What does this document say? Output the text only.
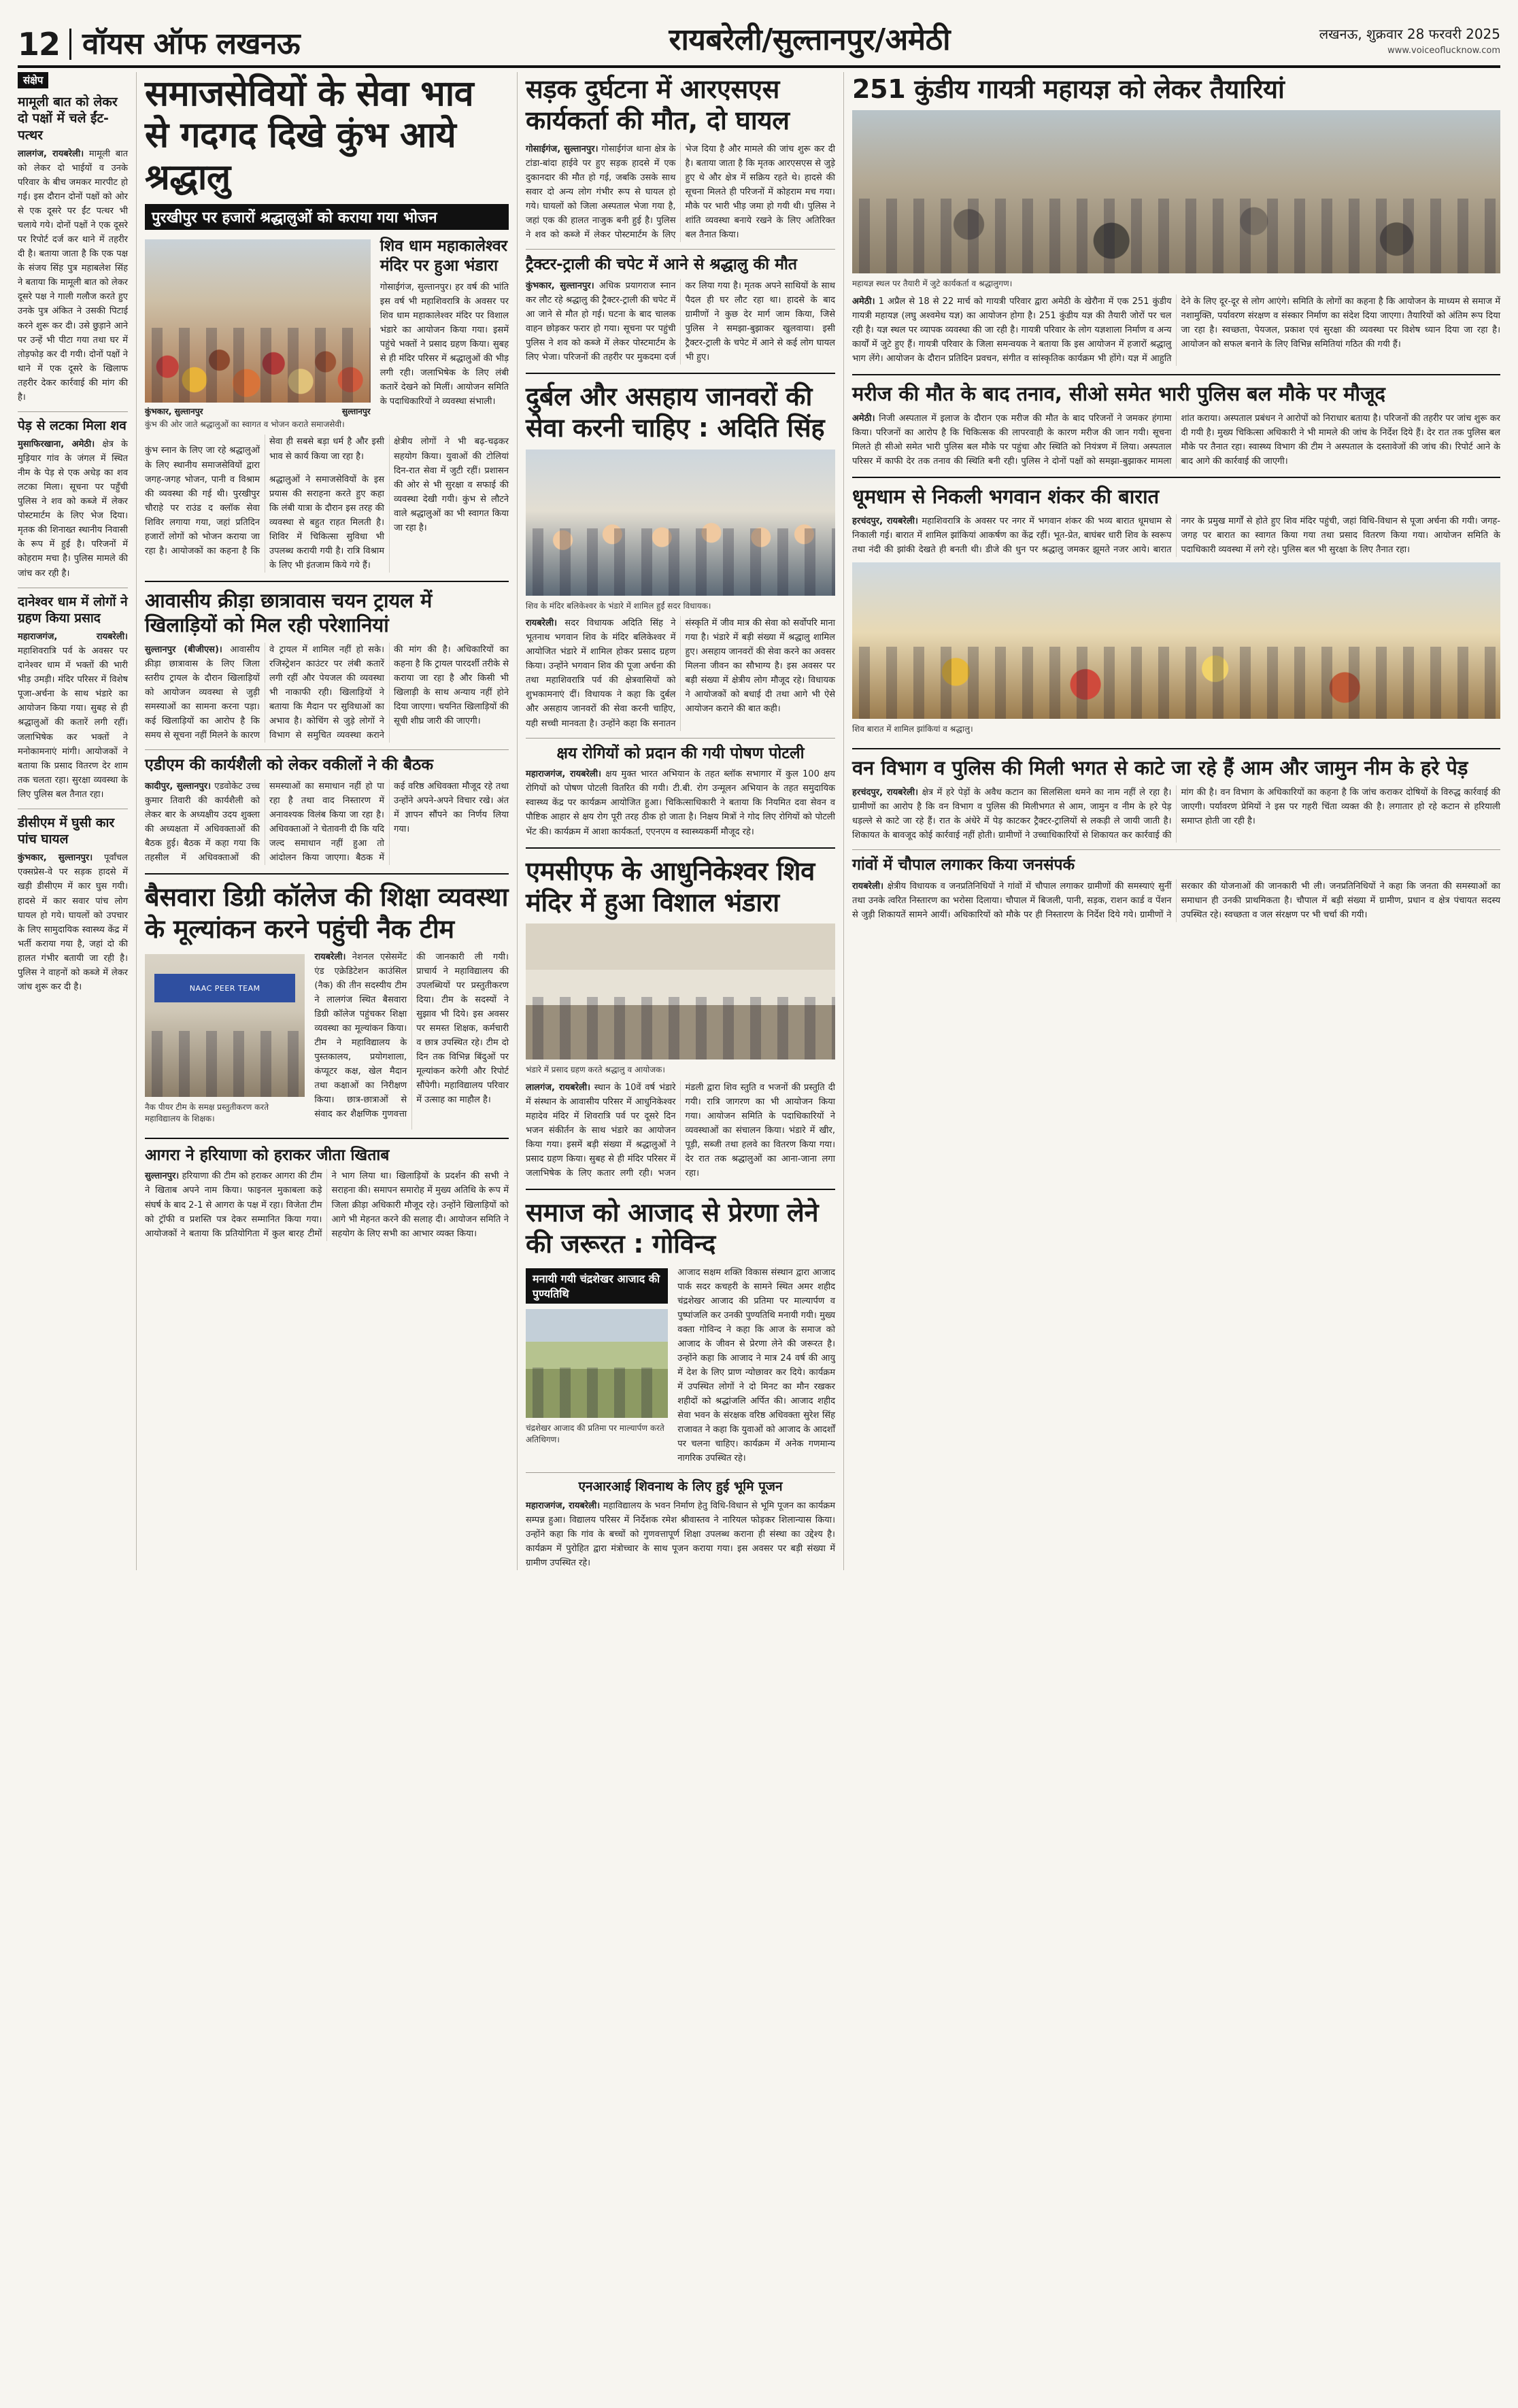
12 वॉयस ऑफ लखनऊ	रायबरेली/सुल्तानपुर/अमेठी	लखनऊ, शुक्रवार 28 फरवरी 2025
www.voiceoflucknow.com
संक्षेप
मामूली बात को लेकर दो पक्षों में चले ईंट-पत्थर
लालगंज, रायबरेली। मामूली बात को लेकर दो भाईयों व उनके परिवार के बीच जमकर मारपीट हो गई। इस दौरान दोनों पक्षों को ओर से एक दूसरे पर ईंट पत्थर भी चलाये गये। दोनों पक्षों ने एक दूसरे पर रिपोर्ट दर्ज कर थाने में तहरीर दी है। बताया जाता है कि एक पक्ष के संजय सिंह पुत्र महाबलेश सिंह ने बताया कि मामूली बात को लेकर दूसरे पक्ष ने गाली गलौज करते हुए उनके पुत्र अंकित ने उसकी पिटाई करने शुरू कर दी। उसे छुड़ाने आने पर उन्हें भी पीटा गया तथा घर में तोड़फोड़ कर दी गयी। दोनों पक्षों ने थाने में एक दूसरे के खिलाफ तहरीर देकर कार्रवाई की मांग की है।
पेड़ से लटका मिला शव
मुसाफिरखाना, अमेठी। क्षेत्र के मुड़ियार गांव के जंगल में स्थित नीम के पेड़ से एक अधेड़ का शव लटका मिला। सूचना पर पहुँची पुलिस ने शव को कब्जे में लेकर पोस्टमार्टम के लिए भेज दिया। मृतक की शिनाख्त स्थानीय निवासी के रूप में हुई है। परिजनों में कोहराम मचा है। पुलिस मामले की जांच कर रही है।
दानेश्वर धाम में लोगों ने ग्रहण किया प्रसाद
महाराजगंज, रायबरेली। महाशिवरात्रि पर्व के अवसर पर दानेश्वर धाम में भक्तों की भारी भीड़ उमड़ी। मंदिर परिसर में विशेष पूजा-अर्चना के साथ भंडारे का आयोजन किया गया। सुबह से ही श्रद्धालुओं की कतारें लगी रहीं। जलाभिषेक कर भक्तों ने मनोकामनाएं मांगी। आयोजकों ने बताया कि प्रसाद वितरण देर शाम तक चलता रहा। सुरक्षा व्यवस्था के लिए पुलिस बल तैनात रहा।
डीसीएम में घुसी कार पांच घायल
कुंभकार, सुल्तानपुर। पूर्वांचल एक्सप्रेस-वे पर सड़क हादसे में खड़ी डीसीएम में कार घुस गयी। हादसे में कार सवार पांच लोग घायल हो गये। घायलों को उपचार के लिए सामुदायिक स्वास्थ्य केंद्र में भर्ती कराया गया है, जहां दो की हालत गंभीर बतायी जा रही है। पुलिस ने वाहनों को कब्जे में लेकर जांच शुरू कर दी है।
समाजसेवियों के सेवा भाव से गदगद दिखे कुंभ आये श्रद्धालु
पुरखीपुर पर हजारों श्रद्धालुओं को कराया गया भोजन
कुंभकार, सुल्तानपुर	सुल्तानपुर
कुंभ की ओर जाते श्रद्धालुओं का स्वागत व भोजन कराते समाजसेवी।
शिव धाम महाकालेश्वर मंदिर पर हुआ भंडारा
गोसाईगंज, सुल्तानपुर। हर वर्ष की भांति इस वर्ष भी महाशिवरात्रि के अवसर पर शिव धाम महाकालेश्वर मंदिर पर विशाल भंडारे का आयोजन किया गया। इसमें पहुंचे भक्तों ने प्रसाद ग्रहण किया। सुबह से ही मंदिर परिसर में श्रद्धालुओं की भीड़ लगी रही। जलाभिषेक के लिए लंबी कतारें देखने को मिलीं। आयोजन समिति के पदाधिकारियों ने व्यवस्था संभाली।

कुंभ स्नान के लिए जा रहे श्रद्धालुओं के लिए स्थानीय समाजसेवियों द्वारा जगह-जगह भोजन, पानी व विश्राम की व्यवस्था की गई थी। पुरखीपुर चौराहे पर राउंड द क्लॉक सेवा शिविर लगाया गया, जहां प्रतिदिन हजारों लोगों को भोजन कराया जा रहा है। आयोजकों का कहना है कि सेवा ही सबसे बड़ा धर्म है और इसी भाव से कार्य किया जा रहा है।

श्रद्धालुओं ने समाजसेवियों के इस प्रयास की सराहना करते हुए कहा कि लंबी यात्रा के दौरान इस तरह की व्यवस्था से बहुत राहत मिलती है। शिविर में चिकित्सा सुविधा भी उपलब्ध करायी गयी है। रात्रि विश्राम के लिए भी इंतजाम किये गये हैं।

क्षेत्रीय लोगों ने भी बढ़-चढ़कर सहयोग किया। युवाओं की टोलियां दिन-रात सेवा में जुटी रहीं। प्रशासन की ओर से भी सुरक्षा व सफाई की व्यवस्था देखी गयी। कुंभ से लौटने वाले श्रद्धालुओं का भी स्वागत किया जा रहा है।

आवासीय क्रीड़ा छात्रावास चयन ट्रायल में खिलाड़ियों को मिल रही परेशानियां
सुल्तानपुर (बीजीएस)। आवासीय क्रीड़ा छात्रावास के लिए जिला स्तरीय ट्रायल के दौरान खिलाड़ियों को आयोजन व्यवस्था से जुड़ी समस्याओं का सामना करना पड़ा। कई खिलाड़ियों का आरोप है कि समय से सूचना नहीं मिलने के कारण वे ट्रायल में शामिल नहीं हो सके। रजिस्ट्रेशन काउंटर पर लंबी कतारें लगी रहीं और पेयजल की व्यवस्था भी नाकाफी रही। खिलाड़ियों ने बताया कि मैदान पर सुविधाओं का अभाव है। कोचिंग से जुड़े लोगों ने विभाग से समुचित व्यवस्था कराने की मांग की है। अधिकारियों का कहना है कि ट्रायल पारदर्शी तरीके से कराया जा रहा है और किसी भी खिलाड़ी के साथ अन्याय नहीं होने दिया जाएगा। चयनित खिलाड़ियों की सूची शीघ्र जारी की जाएगी।
एडीएम की कार्यशैली को लेकर वकीलों ने की बैठक
कादीपुर, सुल्तानपुर। एडवोकेट उच्च कुमार तिवारी की कार्यशैली को लेकर बार के अध्यक्षीय उदय शुक्ला की अध्यक्षता में अधिवक्ताओं की बैठक हुई। बैठक में कहा गया कि तहसील में अधिवक्ताओं की समस्याओं का समाधान नहीं हो पा रहा है तथा वाद निस्तारण में अनावश्यक विलंब किया जा रहा है। अधिवक्ताओं ने चेतावनी दी कि यदि जल्द समाधान नहीं हुआ तो आंदोलन किया जाएगा। बैठक में कई वरिष्ठ अधिवक्ता मौजूद रहे तथा उन्होंने अपने-अपने विचार रखे। अंत में ज्ञापन सौंपने का निर्णय लिया गया।
बैसवारा डिग्री कॉलेज की शिक्षा व्यवस्था के मूल्यांकन करने पहुंची नैक टीम
NAAC PEER TEAM
नैक पीयर टीम के समक्ष प्रस्तुतीकरण करते महाविद्यालय के शिक्षक।
रायबरेली। नेशनल एसेसमेंट एंड एक्रेडिटेशन काउंसिल (नैक) की तीन सदस्यीय टीम ने लालगंज स्थित बैसवारा डिग्री कॉलेज पहुंचकर शिक्षा व्यवस्था का मूल्यांकन किया। टीम ने महाविद्यालय के पुस्तकालय, प्रयोगशाला, कंप्यूटर कक्ष, खेल मैदान तथा कक्षाओं का निरीक्षण किया। छात्र-छात्राओं से संवाद कर शैक्षणिक गुणवत्ता की जानकारी ली गयी। प्राचार्य ने महाविद्यालय की उपलब्धियों पर प्रस्तुतीकरण दिया। टीम के सदस्यों ने सुझाव भी दिये। इस अवसर पर समस्त शिक्षक, कर्मचारी व छात्र उपस्थित रहे। टीम दो दिन तक विभिन्न बिंदुओं पर मूल्यांकन करेगी और रिपोर्ट सौंपेगी। महाविद्यालय परिवार में उत्साह का माहौल है।
आगरा ने हरियाणा को हराकर जीता खिताब
सुल्तानपुर। हरियाणा की टीम को हराकर आगरा की टीम ने खिताब अपने नाम किया। फाइनल मुकाबला कड़े संघर्ष के बाद 2-1 से आगरा के पक्ष में रहा। विजेता टीम को ट्रॉफी व प्रशस्ति पत्र देकर सम्मानित किया गया। आयोजकों ने बताया कि प्रतियोगिता में कुल बारह टीमों ने भाग लिया था। खिलाड़ियों के प्रदर्शन की सभी ने सराहना की। समापन समारोह में मुख्य अतिथि के रूप में जिला क्रीड़ा अधिकारी मौजूद रहे। उन्होंने खिलाड़ियों को आगे भी मेहनत करने की सलाह दी। आयोजन समिति ने सहयोग के लिए सभी का आभार व्यक्त किया।
सड़क दुर्घटना में आरएसएस कार्यकर्ता की मौत, दो घायल
गोसाईगंज, सुल्तानपुर। गोसाईगंज थाना क्षेत्र के टांडा-बांदा हाईवे पर हुए सड़क हादसे में एक दुकानदार की मौत हो गई, जबकि उसके साथ सवार दो अन्य लोग गंभीर रूप से घायल हो गये। घायलों को जिला अस्पताल भेजा गया है, जहां एक की हालत नाजुक बनी हुई है। पुलिस ने शव को कब्जे में लेकर पोस्टमार्टम के लिए भेज दिया है और मामले की जांच शुरू कर दी है। बताया जाता है कि मृतक आरएसएस से जुड़े हुए थे और क्षेत्र में सक्रिय रहते थे। हादसे की सूचना मिलते ही परिजनों में कोहराम मच गया। मौके पर भारी भीड़ जमा हो गयी थी। पुलिस ने शांति व्यवस्था बनाये रखने के लिए अतिरिक्त बल तैनात किया।
ट्रैक्टर-ट्राली की चपेट में आने से श्रद्धालु की मौत
कुंभकार, सुल्तानपुर। अधिक प्रयागराज स्नान कर लौट रहे श्रद्धालु की ट्रैक्टर-ट्राली की चपेट में आ जाने से मौत हो गई। घटना के बाद चालक वाहन छोड़कर फरार हो गया। सूचना पर पहुंची पुलिस ने शव को कब्जे में लेकर पोस्टमार्टम के लिए भेजा। परिजनों की तहरीर पर मुकदमा दर्ज कर लिया गया है। मृतक अपने साथियों के साथ पैदल ही घर लौट रहा था। हादसे के बाद ग्रामीणों ने कुछ देर मार्ग जाम किया, जिसे पुलिस ने समझा-बुझाकर खुलवाया। इसी ट्रैक्टर-ट्राली के चपेट में आने से कई लोग घायल भी हुए।
दुर्बल और असहाय जानवरों की सेवा करनी चाहिए : अदिति सिंह
शिव के मंदिर बलिकेश्वर के भंडारे में शामिल हुईं सदर विधायक।
रायबरेली। सदर विधायक अदिति सिंह ने भूतनाथ भगवान शिव के मंदिर बलिकेश्वर में आयोजित भंडारे में शामिल होकर प्रसाद ग्रहण किया। उन्होंने भगवान शिव की पूजा अर्चना की तथा महाशिवरात्रि पर्व की क्षेत्रवासियों को शुभकामनाएं दीं। विधायक ने कहा कि दुर्बल और असहाय जानवरों की सेवा करनी चाहिए, यही सच्ची मानवता है। उन्होंने कहा कि सनातन संस्कृति में जीव मात्र की सेवा को सर्वोपरि माना गया है। भंडारे में बड़ी संख्या में श्रद्धालु शामिल हुए। असहाय जानवरों की सेवा करने का अवसर मिलना जीवन का सौभाग्य है। इस अवसर पर बड़ी संख्या में क्षेत्रीय लोग मौजूद रहे। विधायक ने आयोजकों को बधाई दी तथा आगे भी ऐसे आयोजन कराने की बात कही।
क्षय रोगियों को प्रदान की गयी पोषण पोटली
महाराजगंज, रायबरेली। क्षय मुक्त भारत अभियान के तहत ब्लॉक सभागार में कुल 100 क्षय रोगियों को पोषण पोटली वितरित की गयी। टी.बी. रोग उन्मूलन अभियान के तहत समुदायिक स्वास्थ्य केंद्र पर कार्यक्रम आयोजित हुआ। चिकित्साधिकारी ने बताया कि नियमित दवा सेवन व पौष्टिक आहार से क्षय रोग पूरी तरह ठीक हो जाता है। निक्षय मित्रों ने गोद लिए रोगियों को पोटली भेंट की। कार्यक्रम में आशा कार्यकर्ता, एएनएम व स्वास्थ्यकर्मी मौजूद रहे।
एमसीएफ के आधुनिकेश्वर शिव मंदिर में हुआ विशाल भंडारा
भंडारे में प्रसाद ग्रहण करते श्रद्धालु व आयोजक।
लालगंज, रायबरेली। स्थान के 10वें वर्ष भंडारे में संस्थान के आवासीय परिसर में आधुनिकेश्वर महादेव मंदिर में शिवरात्रि पर्व पर दूसरे दिन भजन संकीर्तन के साथ भंडारे का आयोजन किया गया। इसमें बड़ी संख्या में श्रद्धालुओं ने प्रसाद ग्रहण किया। सुबह से ही मंदिर परिसर में जलाभिषेक के लिए कतार लगी रही। भजन मंडली द्वारा शिव स्तुति व भजनों की प्रस्तुति दी गयी। रात्रि जागरण का भी आयोजन किया गया। आयोजन समिति के पदाधिकारियों ने व्यवस्थाओं का संचालन किया। भंडारे में खीर, पूड़ी, सब्जी तथा हलवे का वितरण किया गया। देर रात तक श्रद्धालुओं का आना-जाना लगा रहा।
समाज को आजाद से प्रेरणा लेने की जरूरत : गोविन्द
मनायी गयी चंद्रशेखर आजाद की पुण्यतिथि
चंद्रशेखर आजाद की प्रतिमा पर माल्यार्पण करते अतिथिगण।
आजाद सक्षम शक्ति विकास संस्थान द्वारा आजाद पार्क सदर कचहरी के सामने स्थित अमर शहीद चंद्रशेखर आजाद की प्रतिमा पर माल्यार्पण व पुष्पांजलि कर उनकी पुण्यतिथि मनायी गयी। मुख्य वक्ता गोविन्द ने कहा कि आज के समाज को आजाद के जीवन से प्रेरणा लेने की जरूरत है। उन्होंने कहा कि आजाद ने मात्र 24 वर्ष की आयु में देश के लिए प्राण न्योछावर कर दिये। कार्यक्रम में उपस्थित लोगों ने दो मिनट का मौन रखकर शहीदों को श्रद्धांजलि अर्पित की। आजाद शहीद सेवा भवन के संरक्षक वरिष्ठ अधिवक्ता सुरेश सिंह राजावत ने कहा कि युवाओं को आजाद के आदर्शों पर चलना चाहिए। कार्यक्रम में अनेक गणमान्य नागरिक उपस्थित रहे।
एनआरआई शिवनाथ के लिए हुई भूमि पूजन
महाराजगंज, रायबरेली। महाविद्यालय के भवन निर्माण हेतु विधि-विधान से भूमि पूजन का कार्यक्रम सम्पन्न हुआ। विद्यालय परिसर में निर्देशक रमेश श्रीवास्तव ने नारियल फोड़कर शिलान्यास किया। उन्होंने कहा कि गांव के बच्चों को गुणवत्तापूर्ण शिक्षा उपलब्ध कराना ही संस्था का उद्देश्य है। कार्यक्रम में पुरोहित द्वारा मंत्रोच्चार के साथ पूजन कराया गया। इस अवसर पर बड़ी संख्या में ग्रामीण उपस्थित रहे।
251 कुंडीय गायत्री महायज्ञ को लेकर तैयारियां
महायज्ञ स्थल पर तैयारी में जुटे कार्यकर्ता व श्रद्धालुगण।
अमेठी। 1 अप्रैल से 18 से 22 मार्च को गायत्री परिवार द्वारा अमेठी के खेरौना में एक 251 कुंडीय गायत्री महायज्ञ (लघु अश्वमेध यज्ञ) का आयोजन होगा है। 251 कुंडीय यज्ञ की तैयारी जोरों पर चल रही है। यज्ञ स्थल पर व्यापक व्यवस्था की जा रही है। गायत्री परिवार के लोग यज्ञशाला निर्माण व अन्य कार्यों में जुटे हुए हैं। गायत्री परिवार के जिला समन्वयक ने बताया कि इस आयोजन में हजारों श्रद्धालु भाग लेंगे। आयोजन के दौरान प्रतिदिन प्रवचन, संगीत व सांस्कृतिक कार्यक्रम भी होंगे। यज्ञ में आहुति देने के लिए दूर-दूर से लोग आएंगे। समिति के लोगों का कहना है कि आयोजन के माध्यम से समाज में नशामुक्ति, पर्यावरण संरक्षण व संस्कार निर्माण का संदेश दिया जाएगा। तैयारियों को अंतिम रूप दिया जा रहा है। स्वच्छता, पेयजल, प्रकाश एवं सुरक्षा की व्यवस्था पर विशेष ध्यान दिया जा रहा है। आयोजन को सफल बनाने के लिए विभिन्न समितियां गठित की गयी हैं।
मरीज की मौत के बाद तनाव, सीओ समेत भारी पुलिस बल मौके पर मौजूद
अमेठी। निजी अस्पताल में इलाज के दौरान एक मरीज की मौत के बाद परिजनों ने जमकर हंगामा किया। परिजनों का आरोप है कि चिकित्सक की लापरवाही के कारण मरीज की जान गयी। सूचना मिलते ही सीओ समेत भारी पुलिस बल मौके पर पहुंचा और स्थिति को नियंत्रण में लिया। अस्पताल परिसर में काफी देर तक तनाव की स्थिति बनी रही। पुलिस ने दोनों पक्षों को समझा-बुझाकर मामला शांत कराया। अस्पताल प्रबंधन ने आरोपों को निराधार बताया है। परिजनों की तहरीर पर जांच शुरू कर दी गयी है। मुख्य चिकित्सा अधिकारी ने भी मामले की जांच के निर्देश दिये हैं। देर रात तक पुलिस बल मौके पर तैनात रहा। स्वास्थ्य विभाग की टीम ने अस्पताल के दस्तावेजों की जांच की। रिपोर्ट आने के बाद आगे की कार्रवाई की जाएगी।
धूमधाम से निकली भगवान शंकर की बारात
हरचंदपुर, रायबरेली। महाशिवरात्रि के अवसर पर नगर में भगवान शंकर की भव्य बारात धूमधाम से निकाली गई। बारात में शामिल झांकियां आकर्षण का केंद्र रहीं। भूत-प्रेत, बाघंबर धारी शिव के स्वरूप तथा नंदी की झांकी देखते ही बनती थी। डीजे की धुन पर श्रद्धालु जमकर झूमते नजर आये। बारात नगर के प्रमुख मार्गों से होते हुए शिव मंदिर पहुंची, जहां विधि-विधान से पूजा अर्चना की गयी। जगह-जगह पर बारात का स्वागत किया गया तथा प्रसाद वितरण किया गया। आयोजन समिति के पदाधिकारी व्यवस्था में लगे रहे। पुलिस बल भी सुरक्षा के लिए तैनात रहा।
शिव बारात में शामिल झांकियां व श्रद्धालु।
वन विभाग व पुलिस की मिली भगत से काटे जा रहे हैं आम और जामुन नीम के हरे पेड़
हरचंदपुर, रायबरेली। क्षेत्र में हरे पेड़ों के अवैध कटान का सिलसिला थमने का नाम नहीं ले रहा है। ग्रामीणों का आरोप है कि वन विभाग व पुलिस की मिलीभगत से आम, जामुन व नीम के हरे पेड़ धड़ल्ले से काटे जा रहे हैं। रात के अंधेरे में पेड़ काटकर ट्रैक्टर-ट्रालियों से लकड़ी ले जायी जाती है। शिकायत के बावजूद कोई कार्रवाई नहीं होती। ग्रामीणों ने उच्चाधिकारियों से शिकायत कर कार्रवाई की मांग की है। वन विभाग के अधिकारियों का कहना है कि जांच कराकर दोषियों के विरुद्ध कार्रवाई की जाएगी। पर्यावरण प्रेमियों ने इस पर गहरी चिंता व्यक्त की है। लगातार हो रहे कटान से हरियाली समाप्त होती जा रही है।
गांवों में चौपाल लगाकर किया जनसंपर्क
रायबरेली। क्षेत्रीय विधायक व जनप्रतिनिधियों ने गांवों में चौपाल लगाकर ग्रामीणों की समस्याएं सुनीं तथा उनके त्वरित निस्तारण का भरोसा दिलाया। चौपाल में बिजली, पानी, सड़क, राशन कार्ड व पेंशन से जुड़ी शिकायतें सामने आयीं। अधिकारियों को मौके पर ही निस्तारण के निर्देश दिये गये। ग्रामीणों ने सरकार की योजनाओं की जानकारी भी ली। जनप्रतिनिधियों ने कहा कि जनता की समस्याओं का समाधान ही उनकी प्राथमिकता है। चौपाल में बड़ी संख्या में ग्रामीण, प्रधान व क्षेत्र पंचायत सदस्य उपस्थित रहे। स्वच्छता व जल संरक्षण पर भी चर्चा की गयी।
